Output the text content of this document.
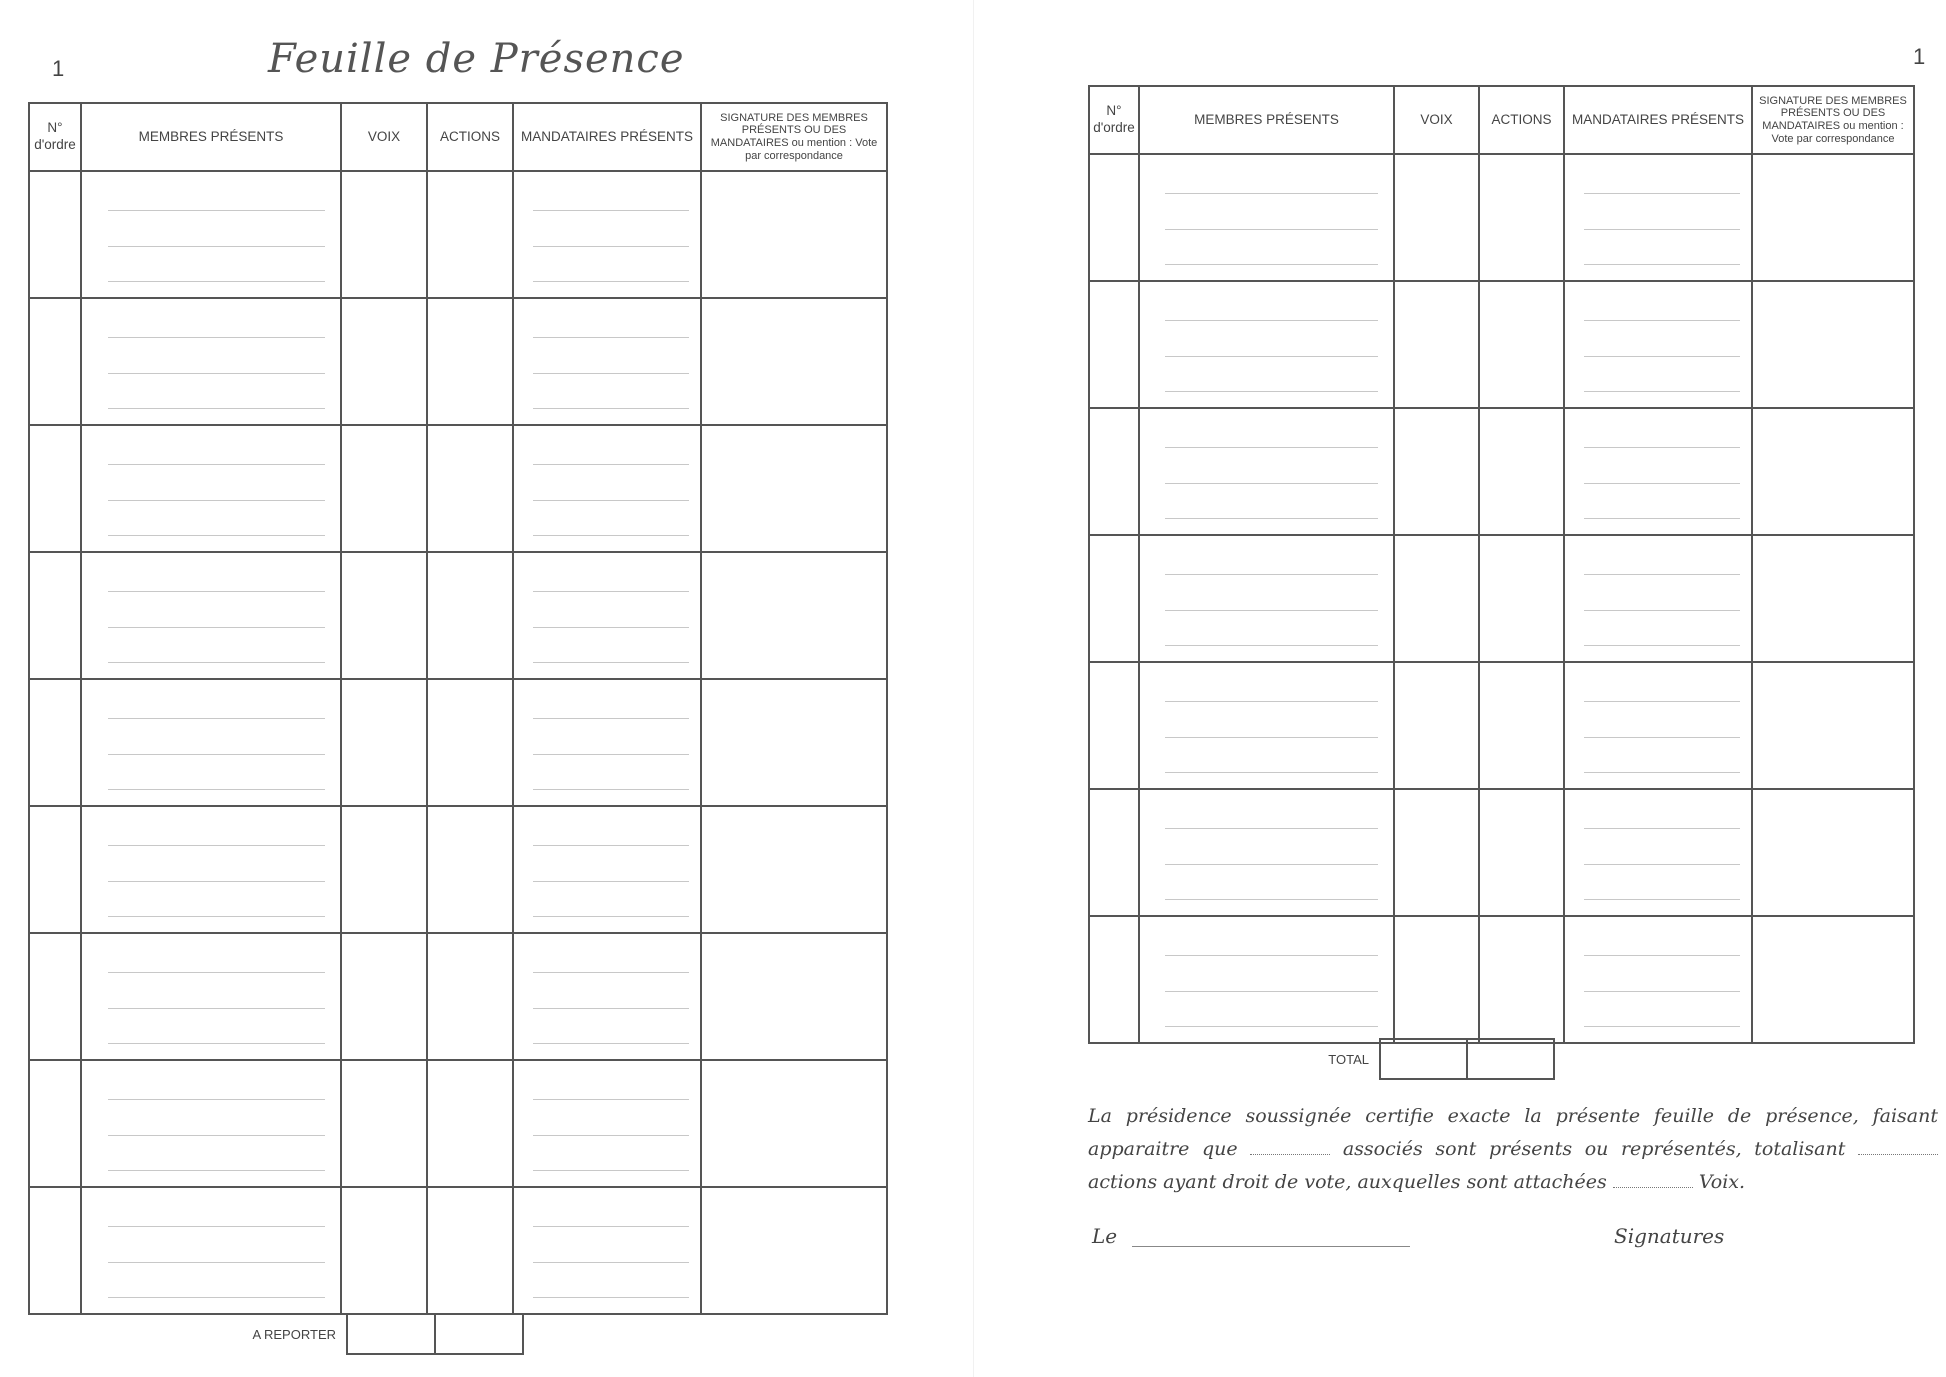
1	Feuille de Présence
N° d'ordre	MEMBRES PRÉSENTS	VOIX	ACTIONS	MANDATAIRES PRÉSENTS	SIGNATURE DES MEMBRES PRÉSENTS OU DES MANDATAIRES ou mention : Vote par correspondance

A REPORTER		
1
N° d'ordre	MEMBRES PRÉSENTS	VOIX	ACTIONS	MANDATAIRES PRÉSENTS	SIGNATURE DES MEMBRES PRÉSENTS OU DES MANDATAIRES ou mention : Vote par correspondance

TOTAL		
La présidence soussignée certifie exacte la présente feuille de présence, faisant apparaitre que	associés sont présents ou représentés, totalisant  actions ayant droit de vote, auxquelles sont attachées	Voix.
Le	Signatures
